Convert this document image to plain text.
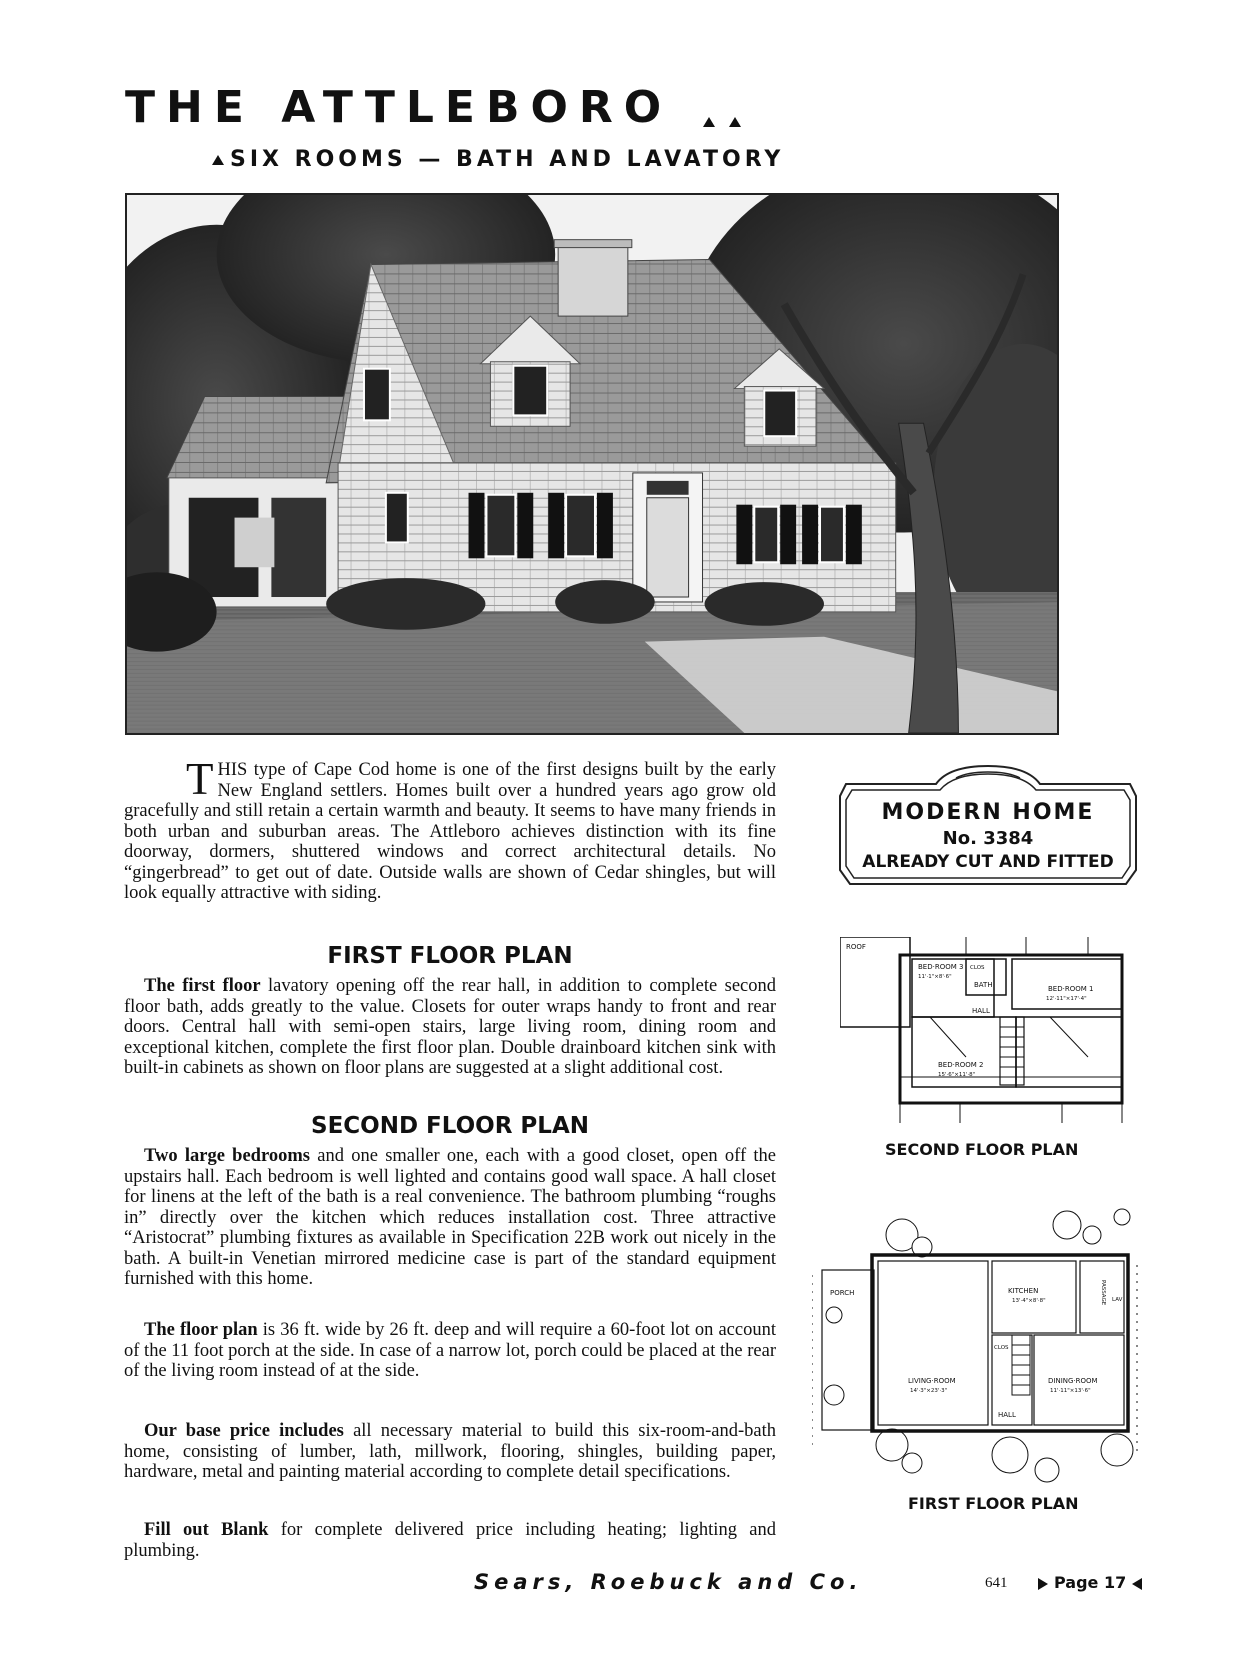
THE ATTLEBORO
SIX ROOMS — BATH AND LAVATORY
THIS type of Cape Cod home is one of the first designs built by the early New England settlers. Homes built over a hundred years ago grow old gracefully and still retain a certain warmth and beauty. It seems to have many friends in both urban and suburban areas. The Attleboro achieves distinction with its fine doorway, dormers, shuttered windows and correct architectural details. No “gingerbread” to get out of date. Outside walls are shown of Cedar shingles, but will look equally attractive with siding.
FIRST FLOOR PLAN

The first floor lavatory opening off the rear hall, in addition to complete second floor bath, adds greatly to the value. Closets for outer wraps handy to front and rear doors. Central hall with semi-open stairs, large living room, dining room and exceptional kitchen, complete the first floor plan. Double drainboard kitchen sink with built-in cabinets as shown on floor plans are suggested at a slight additional cost.

SECOND FLOOR PLAN

Two large bedrooms and one smaller one, each with a good closet, open off the upstairs hall. Each bedroom is well lighted and contains good wall space. A hall closet for linens at the left of the bath is a real convenience. The bathroom plumbing “roughs in” directly over the kitchen which reduces installation cost. Three attractive “Aristocrat” plumbing fixtures as available in Specification 22B work out nicely in the bath. A built-in Venetian mirrored medicine case is part of the standard equipment furnished with this home.

The floor plan is 36 ft. wide by 26 ft. deep and will require a 60-foot lot on account of the 11 foot porch at the side. In case of a narrow lot, porch could be placed at the rear of the living room instead of at the side.

Our base price includes all necessary material to build this six-room-and-bath home, consisting of lumber, lath, millwork, flooring, shingles, building paper, hardware, metal and painting material according to complete detail specifications.

Fill out Blank for complete delivered price including heating; lighting and plumbing.

MODERN HOME
No. 3384
ALREADY CUT AND FITTED
ROOF
BED·ROOM 3
11'·1"×8'·6"
CLOS
BATH
HALL
BED·ROOM 1
12'·11"×17'·4"
BED·ROOM 2
15'·6"×11'·8"
SECOND FLOOR PLAN
PORCH	KITCHEN
13'·4"×8'·8"	PASSAGE LAV
CLOS
LIVING·ROOM
14'·3"×23'·3"
DINING·ROOM
11'·11"×13'·6"
HALL
FIRST FLOOR PLAN
Sears, Roebuck and Co.	641	Page 17
